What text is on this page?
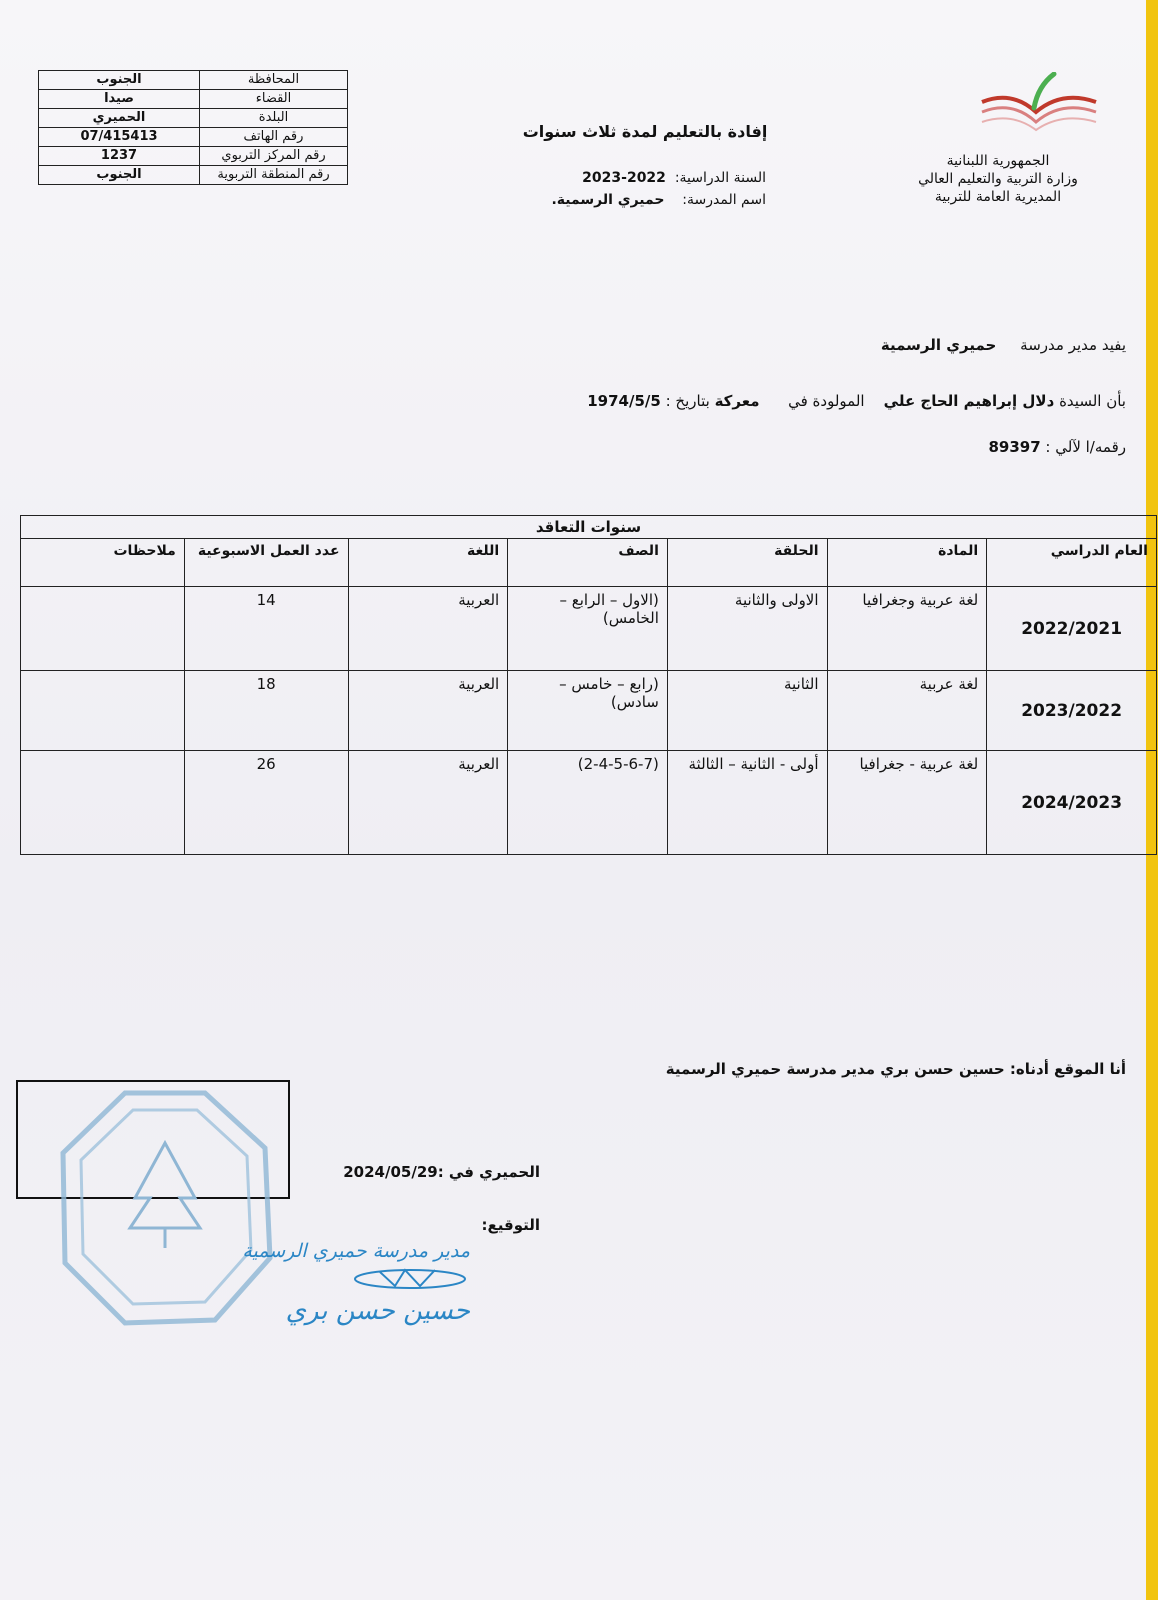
المحافظة	الجنوب
القضاء	صيدا
البلدة	الحميري
رقم الهاتف	07/415413
رقم المركز التربوي	1237
رقم المنطقة التربوية	الجنوب
الجمهورية اللبنانية
وزارة التربية والتعليم العالي
المديرية العامة للتربية
إفادة بالتعليم لمدة ثلاث سنوات
السنة الدراسية:  2022-2023
اسم المدرسة:    حميري الرسمية.
يفيد مدير مدرسة     حميري الرسمية
بأن السيدة دلال إبراهيم الحاج علي    المولودة في      معركة بتاريخ : 1974/5/5
رقمه/ا لآلي : 89397
سنوات التعاقد						
العام الدراسي	المادة	الحلقة	الصف	اللغة	عدد العمل الاسبوعية	ملاحظات
2022/2021	لغة عربية وجغرافيا	الاولى والثانية	(الاول – الرابع – الخامس)	العربية	14	
2023/2022	لغة عربية	الثانية	(رابع – خامس – سادس)	العربية	18	
2024/2023	لغة عربية - جغرافيا	أولى - الثانية – الثالثة	(2-4-5-6-7)	العربية	26	
أنا الموقع أدناه: حسين حسن بري مدير مدرسة حميري الرسمية
الحميري في :2024/05/29
التوقيع:
مدير مدرسة حميري الرسمية
حسين حسن بري
